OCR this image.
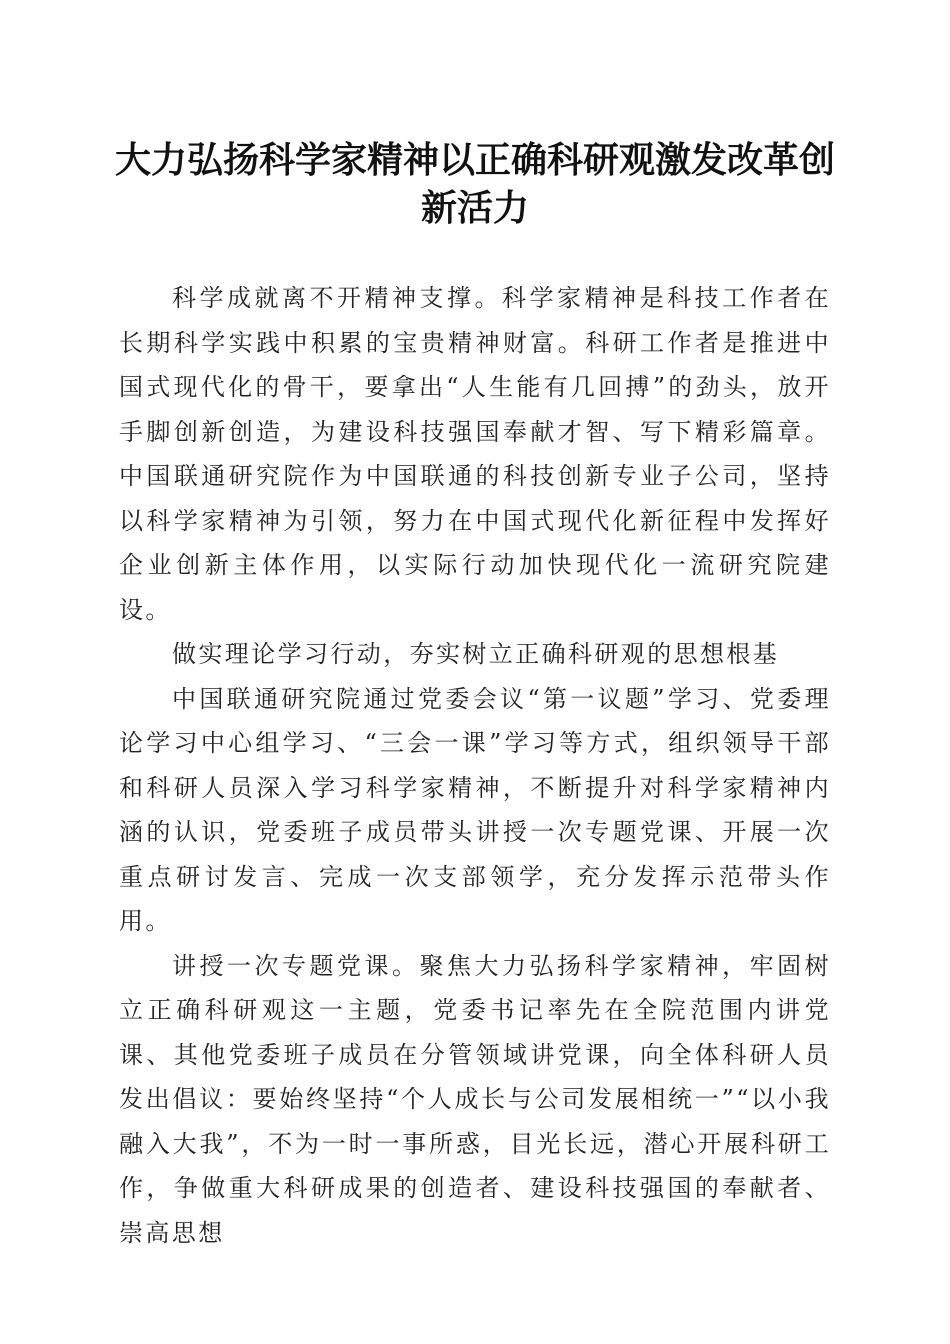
大力弘扬科学家精神以正确科研观激发改革创新活力

科学成就离不开精神支撑。科学家精神是科技工作者在长期科学实践中积累的宝贵精神财富。科研工作者是推进中国式现代化的骨干，要拿出“人生能有几回搏”的劲头，放开手脚创新创造，为建设科技强国奉献才智、写下精彩篇章。中国联通研究院作为中国联通的科技创新专业子公司，坚持以科学家精神为引领，努力在中国式现代化新征程中发挥好企业创新主体作用，以实际行动加快现代化一流研究院建设。

做实理论学习行动，夯实树立正确科研观的思想根基

中国联通研究院通过党委会议“第一议题”学习、党委理论学习中心组学习、“三会一课”学习等方式，组织领导干部和科研人员深入学习科学家精神，不断提升对科学家精神内涵的认识，党委班子成员带头讲授一次专题党课、开展一次重点研讨发言、完成一次支部领学，充分发挥示范带头作用。

讲授一次专题党课。聚焦大力弘扬科学家精神，牢固树立正确科研观这一主题，党委书记率先在全院范围内讲党课、其他党委班子成员在分管领域讲党课，向全体科研人员发出倡议：要始终坚持“个人成长与公司发展相统一”“以小我融入大我”，不为一时一事所惑，目光长远，潜心开展科研工作，争做重大科研成果的创造者、建设科技强国的奉献者、崇高思想
